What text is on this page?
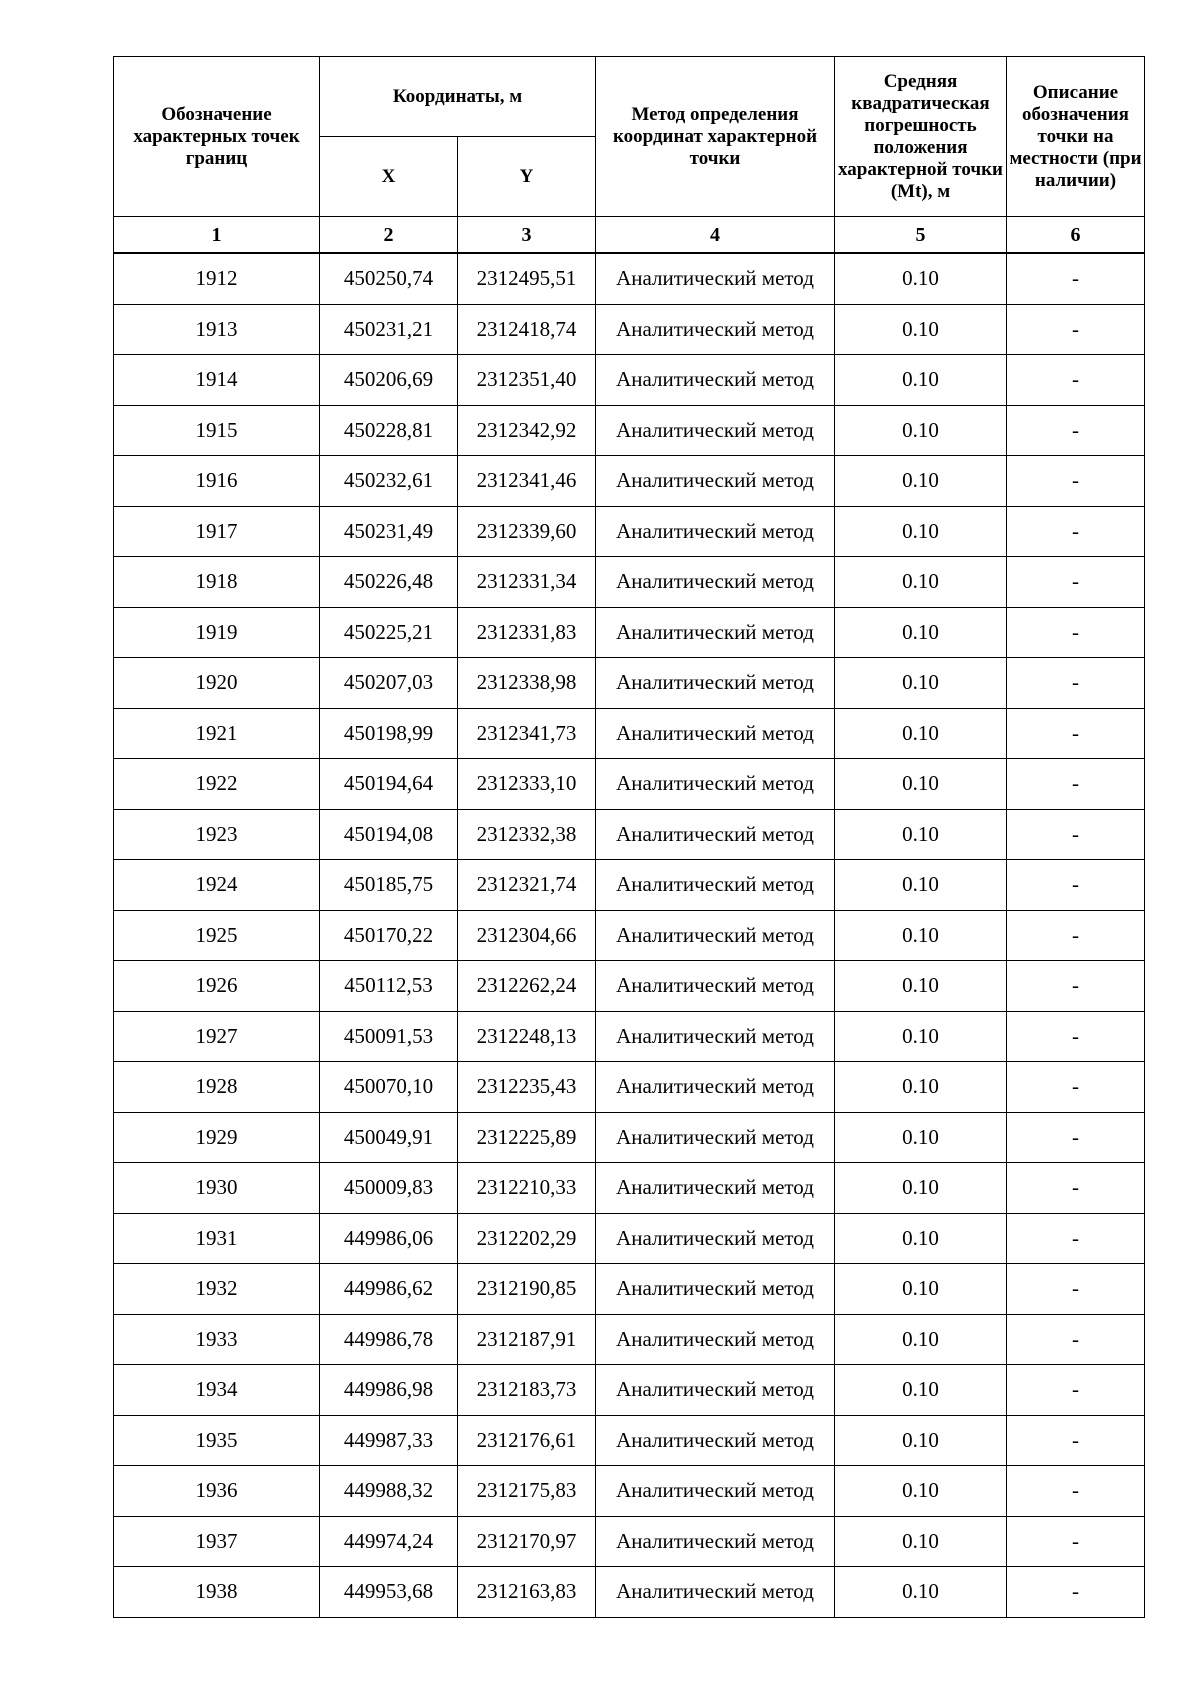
Обозначение характерных точек границ	Координаты, м		Метод определения координат характерной точки	Средняя квадратическая погрешность положения характерной точки (Mt), м	Описание обозначения точки на местности (при наличии)
	X	Y			
1	2	3	4	5	6
1912	450250,74	2312495,51	Аналитический метод	0.10	-
1913	450231,21	2312418,74	Аналитический метод	0.10	-
1914	450206,69	2312351,40	Аналитический метод	0.10	-
1915	450228,81	2312342,92	Аналитический метод	0.10	-
1916	450232,61	2312341,46	Аналитический метод	0.10	-
1917	450231,49	2312339,60	Аналитический метод	0.10	-
1918	450226,48	2312331,34	Аналитический метод	0.10	-
1919	450225,21	2312331,83	Аналитический метод	0.10	-
1920	450207,03	2312338,98	Аналитический метод	0.10	-
1921	450198,99	2312341,73	Аналитический метод	0.10	-
1922	450194,64	2312333,10	Аналитический метод	0.10	-
1923	450194,08	2312332,38	Аналитический метод	0.10	-
1924	450185,75	2312321,74	Аналитический метод	0.10	-
1925	450170,22	2312304,66	Аналитический метод	0.10	-
1926	450112,53	2312262,24	Аналитический метод	0.10	-
1927	450091,53	2312248,13	Аналитический метод	0.10	-
1928	450070,10	2312235,43	Аналитический метод	0.10	-
1929	450049,91	2312225,89	Аналитический метод	0.10	-
1930	450009,83	2312210,33	Аналитический метод	0.10	-
1931	449986,06	2312202,29	Аналитический метод	0.10	-
1932	449986,62	2312190,85	Аналитический метод	0.10	-
1933	449986,78	2312187,91	Аналитический метод	0.10	-
1934	449986,98	2312183,73	Аналитический метод	0.10	-
1935	449987,33	2312176,61	Аналитический метод	0.10	-
1936	449988,32	2312175,83	Аналитический метод	0.10	-
1937	449974,24	2312170,97	Аналитический метод	0.10	-
1938	449953,68	2312163,83	Аналитический метод	0.10	-
